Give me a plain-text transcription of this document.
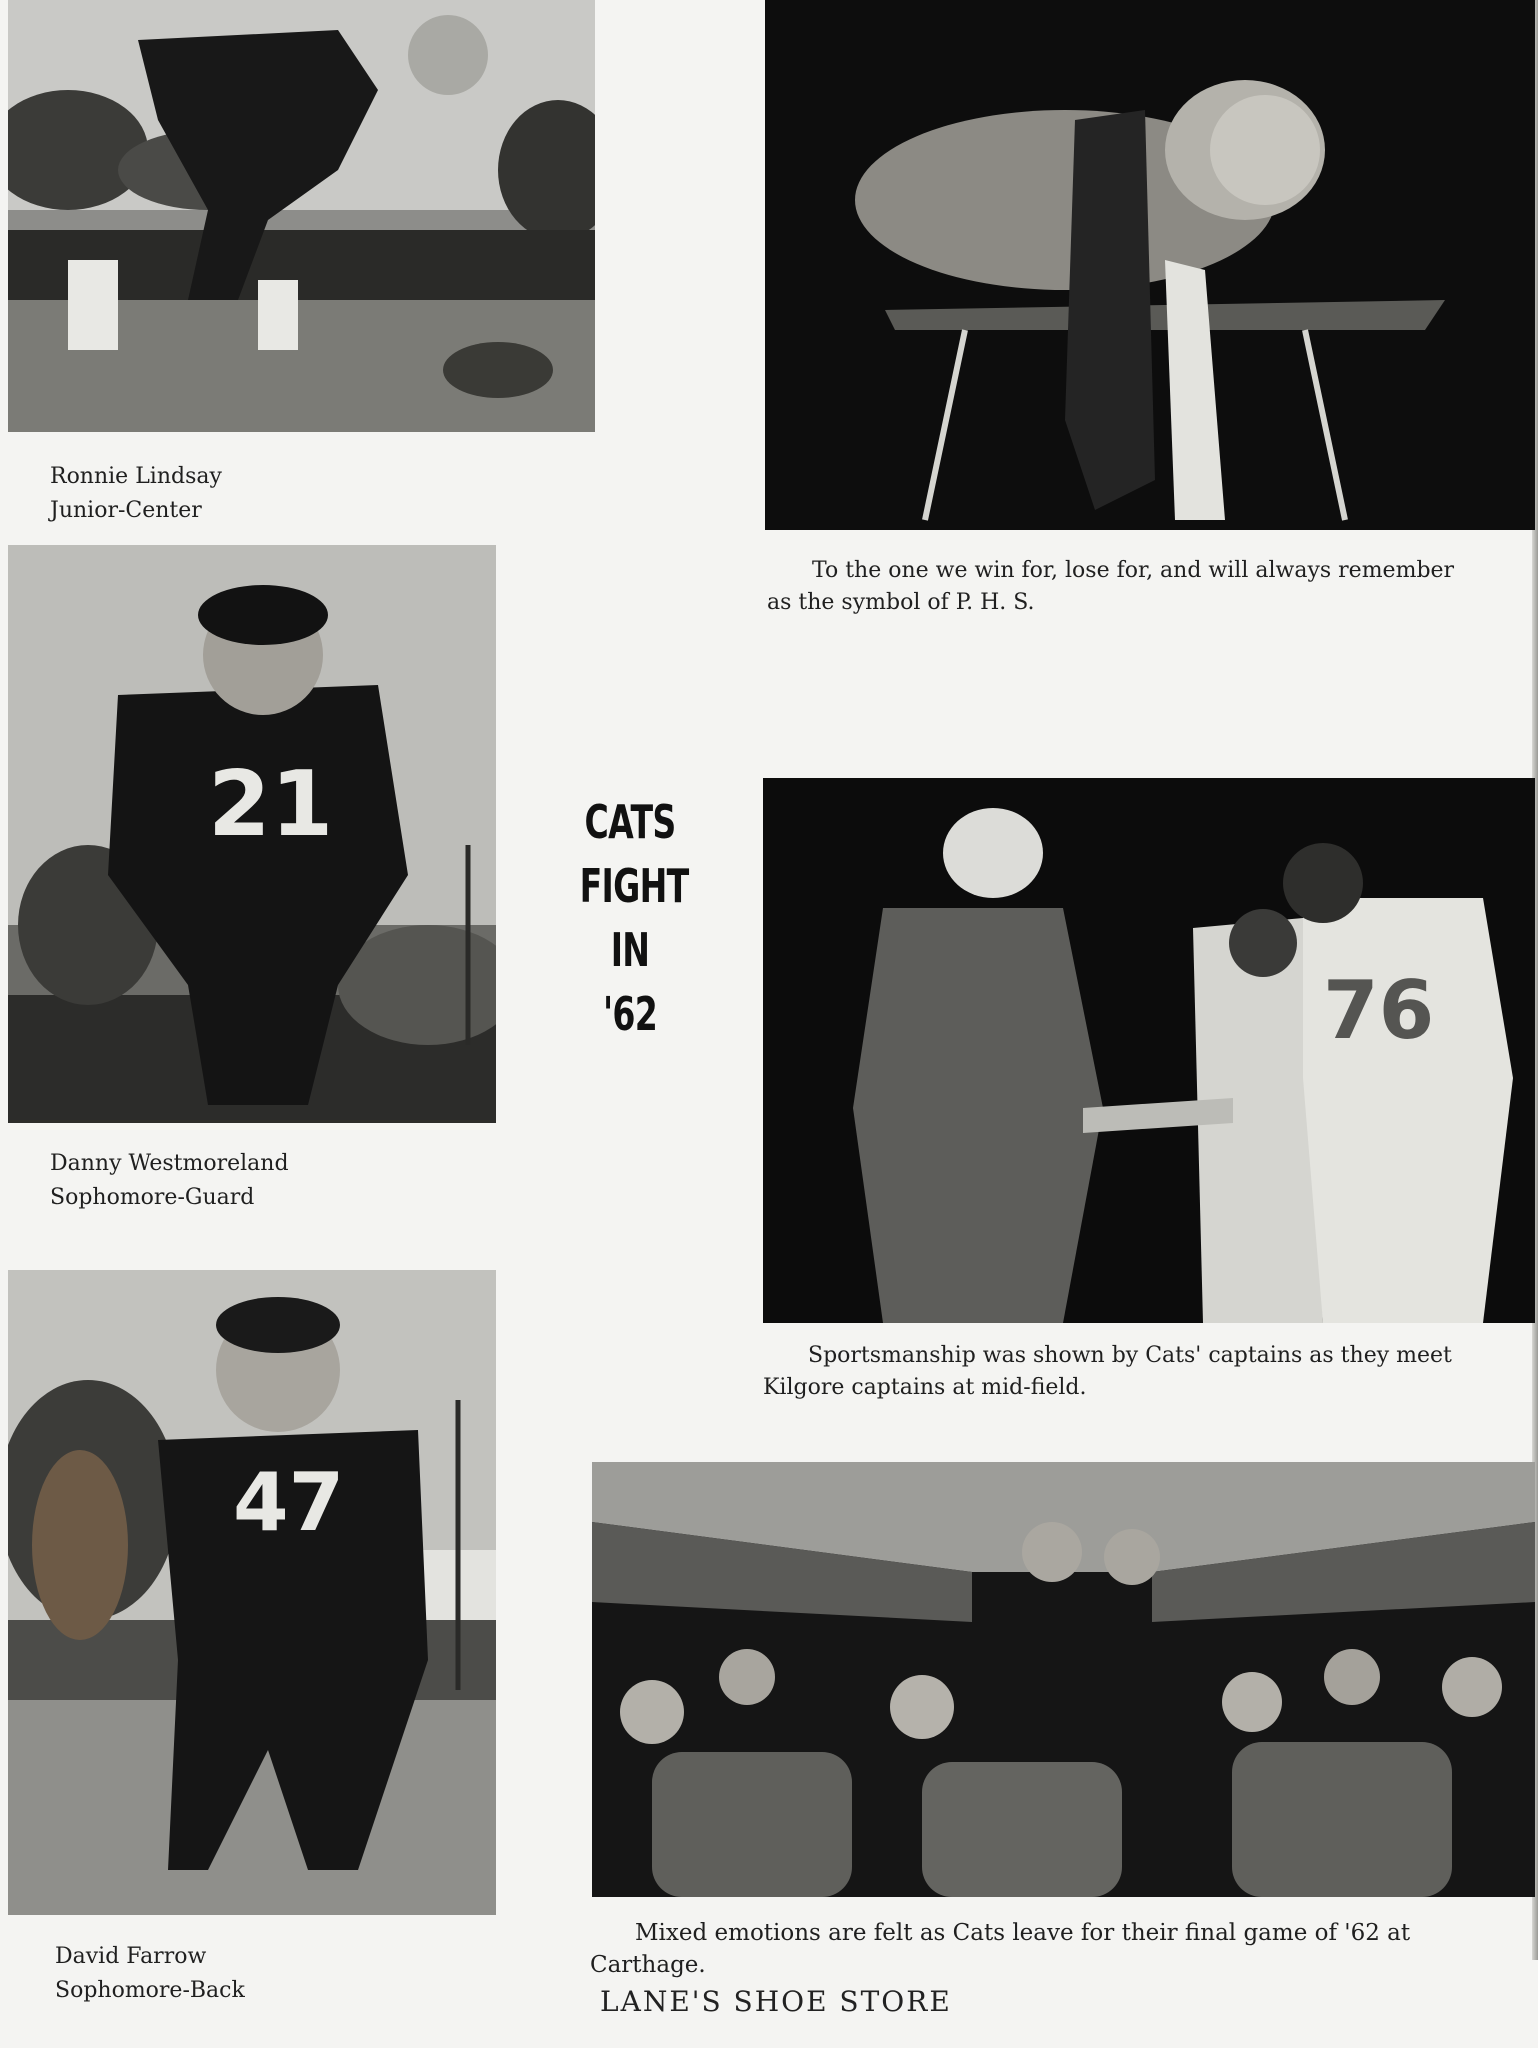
Ronnie Lindsay
Junior-Center
To the one we win for, lose for, and will always remember
as the symbol of P. H. S.
21
Danny Westmoreland
Sophomore-Guard
CATS
FIGHT
IN
'62	76
Sportsmanship was shown by Cats' captains as they meet
Kilgore captains at mid-field.
47
David Farrow
Sophomore-Back
Mixed emotions are felt as Cats leave for their final game of '62 at
Carthage.
LANE'S SHOE STORE
